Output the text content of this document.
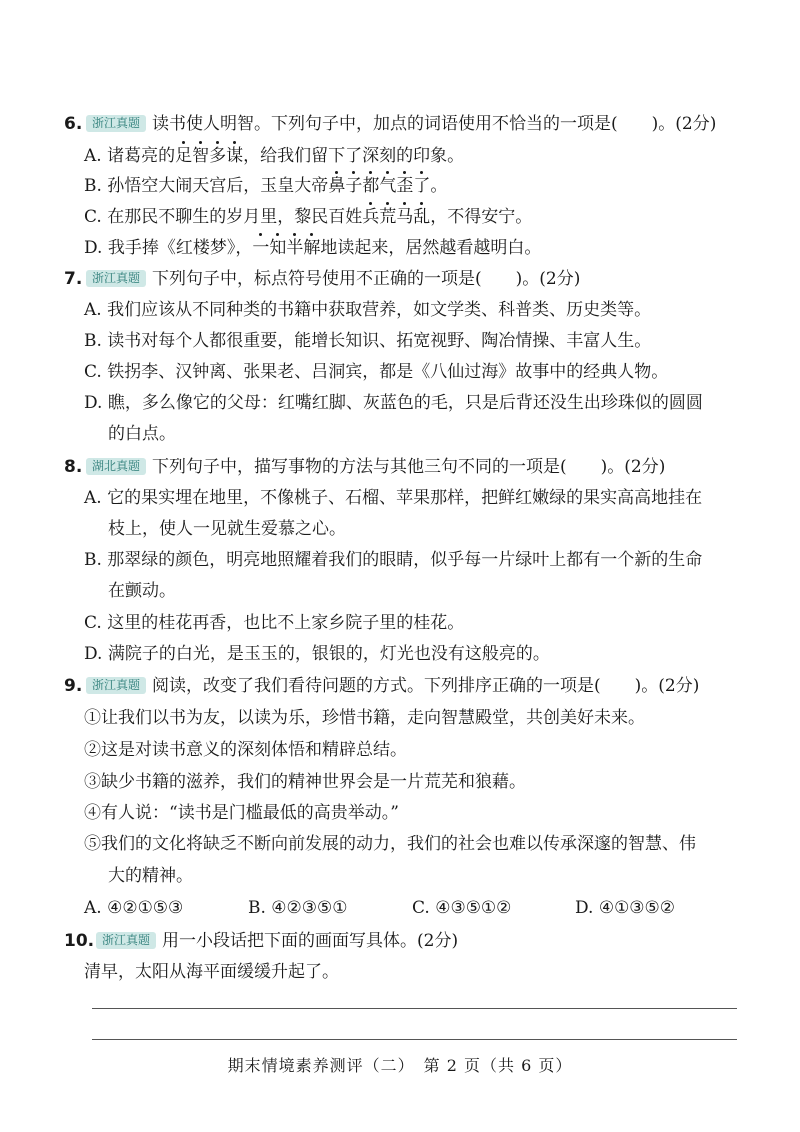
6. 浙江真题 读书使人明智。下列句子中，加点的词语使用不恰当的一项是(　　)。(2分)
A. 诸葛亮的足智多谋，给我们留下了深刻的印象。
B. 孙悟空大闹天宫后，玉皇大帝鼻子都气歪了。
C. 在那民不聊生的岁月里，黎民百姓兵荒马乱，不得安宁。
D. 我手捧《红楼梦》，一知半解地读起来，居然越看越明白。
7. 浙江真题 下列句子中，标点符号使用不正确的一项是(　　)。(2分)
A. 我们应该从不同种类的书籍中获取营养，如文学类、科普类、历史类等。
B. 读书对每个人都很重要，能增长知识、拓宽视野、陶冶情操、丰富人生。
C. 铁拐李、汉钟离、张果老、吕洞宾，都是《八仙过海》故事中的经典人物。
D. 瞧，多么像它的父母：红嘴红脚、灰蓝色的毛，只是后背还没生出珍珠似的圆圆
的白点。
8. 湖北真题 下列句子中，描写事物的方法与其他三句不同的一项是(　　)。(2分)
A. 它的果实埋在地里，不像桃子、石榴、苹果那样，把鲜红嫩绿的果实高高地挂在
枝上，使人一见就生爱慕之心。
B. 那翠绿的颜色，明亮地照耀着我们的眼睛，似乎每一片绿叶上都有一个新的生命
在颤动。
C. 这里的桂花再香，也比不上家乡院子里的桂花。
D. 满院子的白光，是玉玉的，银银的，灯光也没有这般亮的。
9. 浙江真题 阅读，改变了我们看待问题的方式。下列排序正确的一项是(　　)。(2分)
①让我们以书为友，以读为乐，珍惜书籍，走向智慧殿堂，共创美好未来。
②这是对读书意义的深刻体悟和精辟总结。
③缺少书籍的滋养，我们的精神世界会是一片荒芜和狼藉。
④有人说：“读书是门槛最低的高贵举动。”
⑤我们的文化将缺乏不断向前发展的动力，我们的社会也难以传承深邃的智慧、伟
大的精神。
A. ④②①⑤③	B. ④②③⑤①	C. ④③⑤①②	D. ④①③⑤②
10. 浙江真题 用一小段话把下面的画面写具体。(2分)
清早，太阳从海平面缓缓升起了。
期末情境素养测评（二）　第 2 页（共 6 页）
